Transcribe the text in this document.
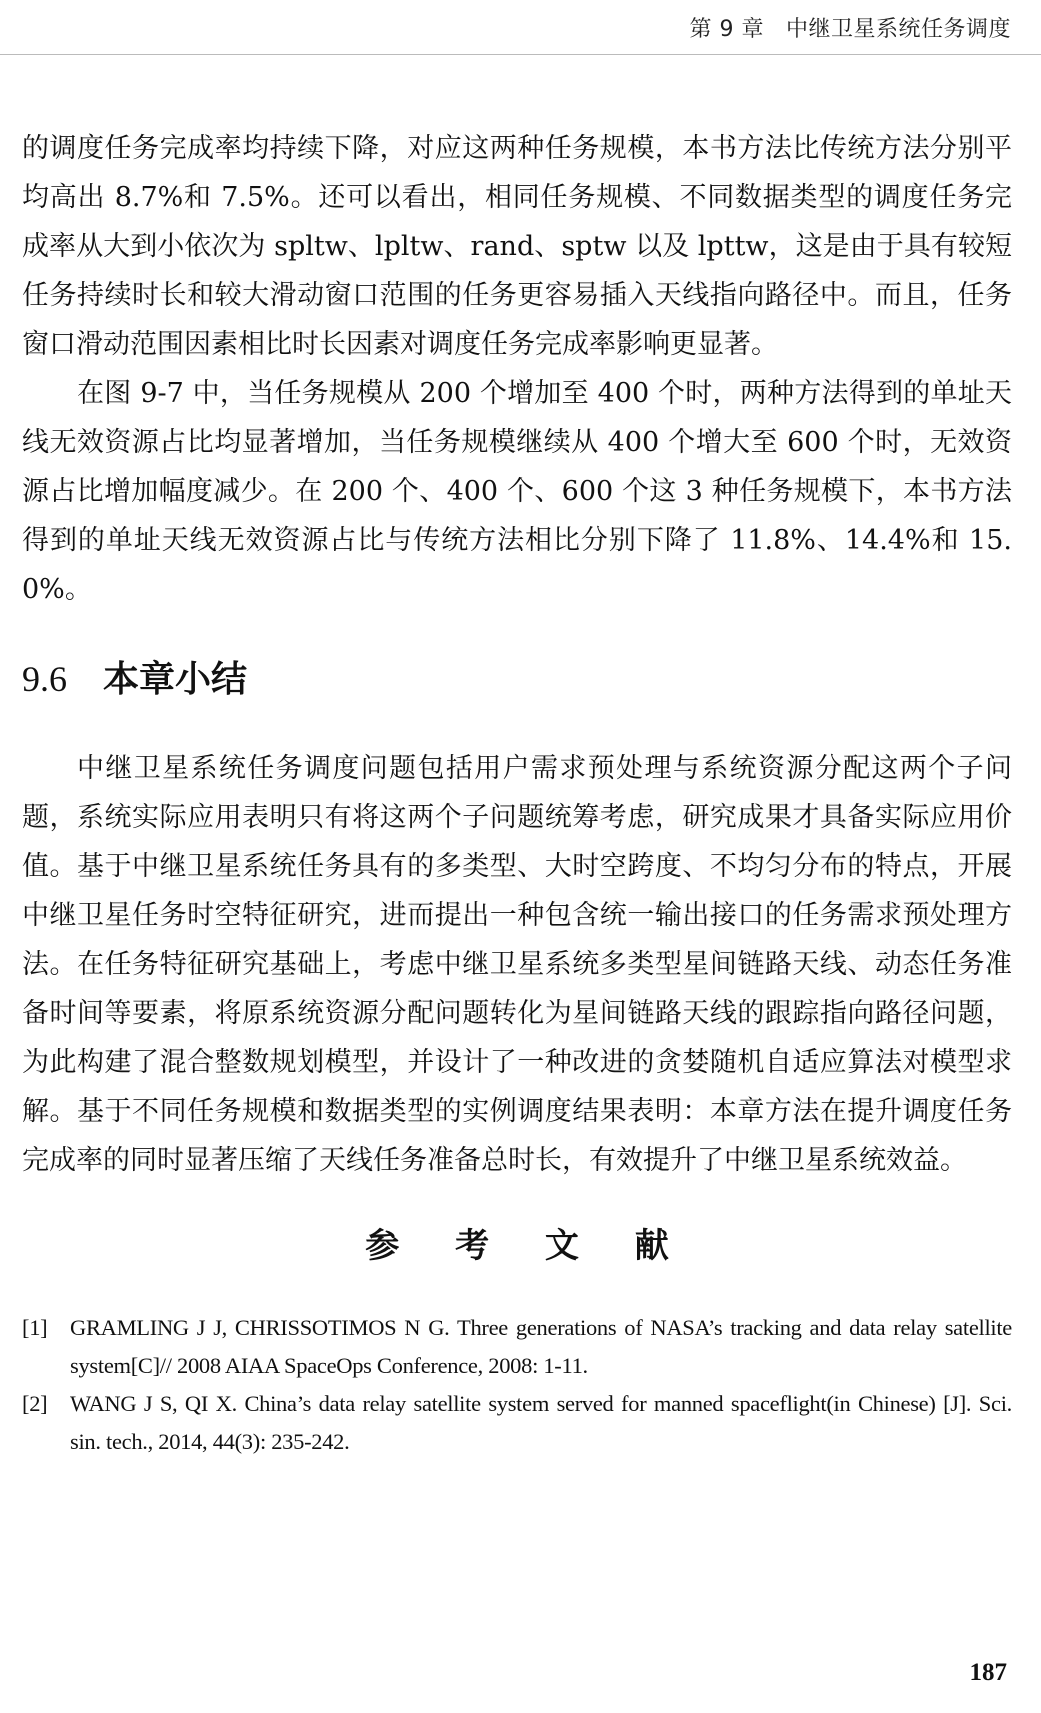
第 9 章 中继卫星系统任务调度

的调度任务完成率均持续下降，对应这两种任务规模，本书方法比传统方法分别平均高出 8.7%和 7.5%。还可以看出，相同任务规模、不同数据类型的调度任务完成率从大到小依次为 spltw、lpltw、rand、sptw 以及 lpttw，这是由于具有较短任务持续时长和较大滑动窗口范围的任务更容易插入天线指向路径中。而且，任务窗口滑动范围因素相比时长因素对调度任务完成率影响更显著。

在图 9-7 中，当任务规模从 200 个增加至 400 个时，两种方法得到的单址天线无效资源占比均显著增加，当任务规模继续从 400 个增大至 600 个时，无效资源占比增加幅度减少。在 200 个、400 个、600 个这 3 种任务规模下，本书方法得到的单址天线无效资源占比与传统方法相比分别下降了 11.8%、14.4%和 15.0%。

9.6 本章小结

中继卫星系统任务调度问题包括用户需求预处理与系统资源分配这两个子问题，系统实际应用表明只有将这两个子问题统筹考虑，研究成果才具备实际应用价值。基于中继卫星系统任务具有的多类型、大时空跨度、不均匀分布的特点，开展中继卫星任务时空特征研究，进而提出一种包含统一输出接口的任务需求预处理方法。在任务特征研究基础上，考虑中继卫星系统多类型星间链路天线、动态任务准备时间等要素，将原系统资源分配问题转化为星间链路天线的跟踪指向路径问题，为此构建了混合整数规划模型，并设计了一种改进的贪婪随机自适应算法对模型求解。基于不同任务规模和数据类型的实例调度结果表明：本章方法在提升调度任务完成率的同时显著压缩了天线任务准备总时长，有效提升了中继卫星系统效益。

参 考 文 献
[1]	GRAMLING J J, CHRISSOTIMOS N G. Three generations of NASA’s tracking and data relay satellite system[C]// 2008 AIAA SpaceOps Conference, 2008: 1-11.
[2]	WANG J S, QI X. China’s data relay satellite system served for manned spaceflight(in Chinese) [J]. Sci. sin. tech., 2014, 44(3): 235-242.
187
